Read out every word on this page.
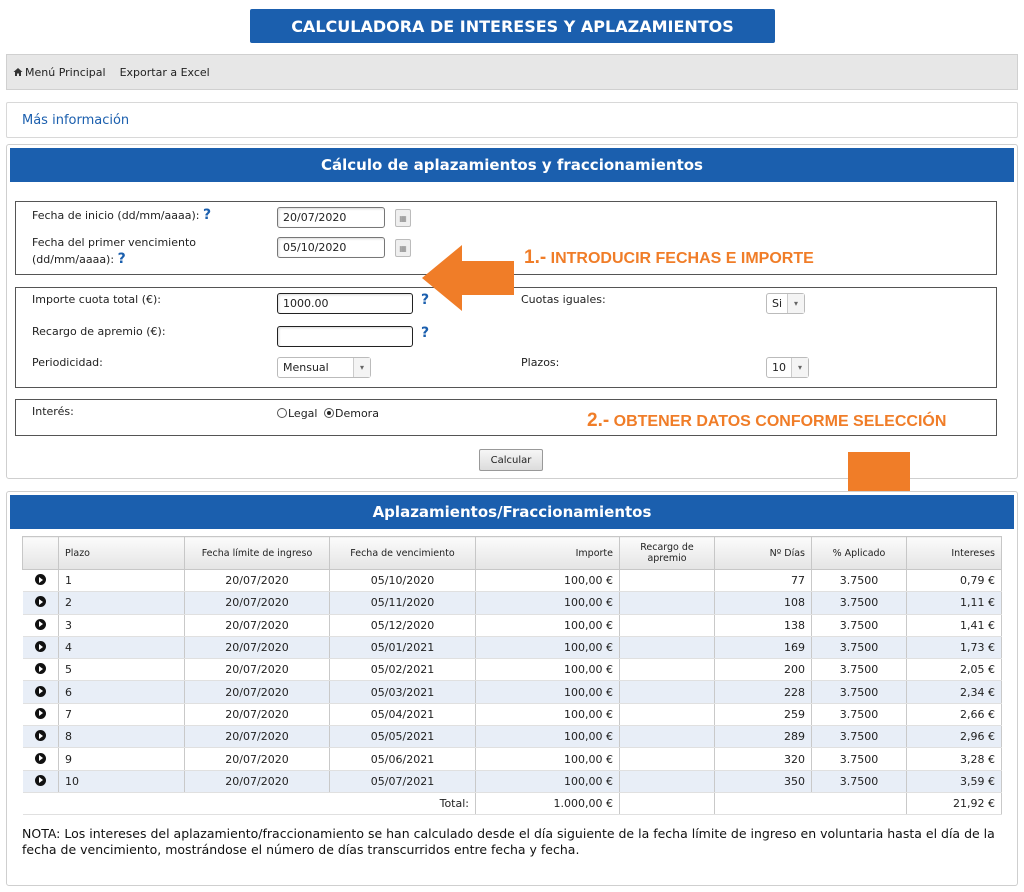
CALCULADORA DE INTERESES Y APLAZAMIENTOS
Menú Principal Exportar a Excel
Más información
Cálculo de aplazamientos y fraccionamientos
Fecha de inicio (dd/mm/aaaa): ?	20/07/2020	▦
Fecha del primer vencimiento
(dd/mm/aaaa): ?
05/10/2020	▦
Importe cuota total (€):	1000.00	?	Cuotas iguales:	Si	▾
Recargo de apremio (€):	?
Periodicidad:	Mensual	▾	Plazos:	10	▾
Interés:	Legal Demora
Calcular
1.- INTRODUCIR FECHAS E IMPORTE
2.- OBTENER DATOS CONFORME SELECCIÓN
Aplazamientos/Fraccionamientos
	Plazo	Fecha límite de ingreso	Fecha de vencimiento	Importe	Recargo de apremio	Nº Días	% Aplicado	Intereses
	1	20/07/2020	05/10/2020	100,00 €		77	3.7500	0,79 €
	2	20/07/2020	05/11/2020	100,00 €		108	3.7500	1,11 €
	3	20/07/2020	05/12/2020	100,00 €		138	3.7500	1,41 €
	4	20/07/2020	05/01/2021	100,00 €		169	3.7500	1,73 €
	5	20/07/2020	05/02/2021	100,00 €		200	3.7500	2,05 €
	6	20/07/2020	05/03/2021	100,00 €		228	3.7500	2,34 €
	7	20/07/2020	05/04/2021	100,00 €		259	3.7500	2,66 €
	8	20/07/2020	05/05/2021	100,00 €		289	3.7500	2,96 €
	9	20/07/2020	05/06/2021	100,00 €		320	3.7500	3,28 €
	10	20/07/2020	05/07/2021	100,00 €		350	3.7500	3,59 €
	Total:			1.000,00 €				21,92 €
NOTA: Los intereses del aplazamiento/fraccionamiento se han calculado desde el día siguiente de la fecha límite de ingreso en voluntaria hasta el día de la fecha de vencimiento, mostrándose el número de días transcurridos entre fecha y fecha.
